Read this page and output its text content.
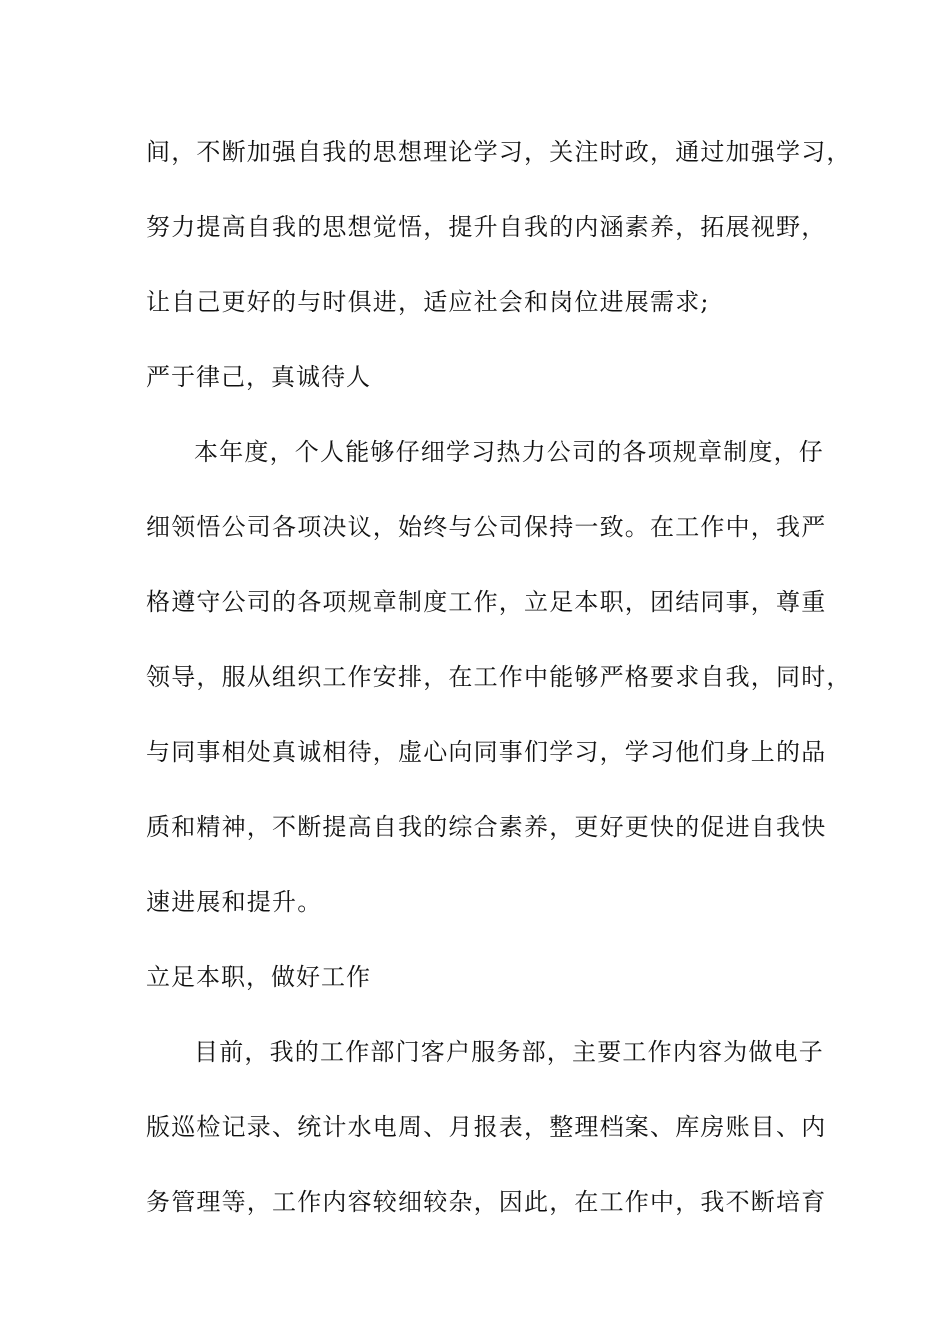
间，不断加强自我的思想理论学习，关注时政，通过加强学习，
努力提高自我的思想觉悟，提升自我的内涵素养，拓展视野，
让自己更好的与时俱进，适应社会和岗位进展需求;
严于律己，真诚待人
本年度，个人能够仔细学习热力公司的各项规章制度，仔
细领悟公司各项决议，始终与公司保持一致。在工作中，我严
格遵守公司的各项规章制度工作，立足本职，团结同事，尊重
领导，服从组织工作安排，在工作中能够严格要求自我，同时，
与同事相处真诚相待，虚心向同事们学习，学习他们身上的品
质和精神，不断提高自我的综合素养，更好更快的促进自我快
速进展和提升。
立足本职，做好工作
目前，我的工作部门客户服务部，主要工作内容为做电子
版巡检记录、统计水电周、月报表，整理档案、库房账目、内
务管理等，工作内容较细较杂，因此，在工作中，我不断培育
